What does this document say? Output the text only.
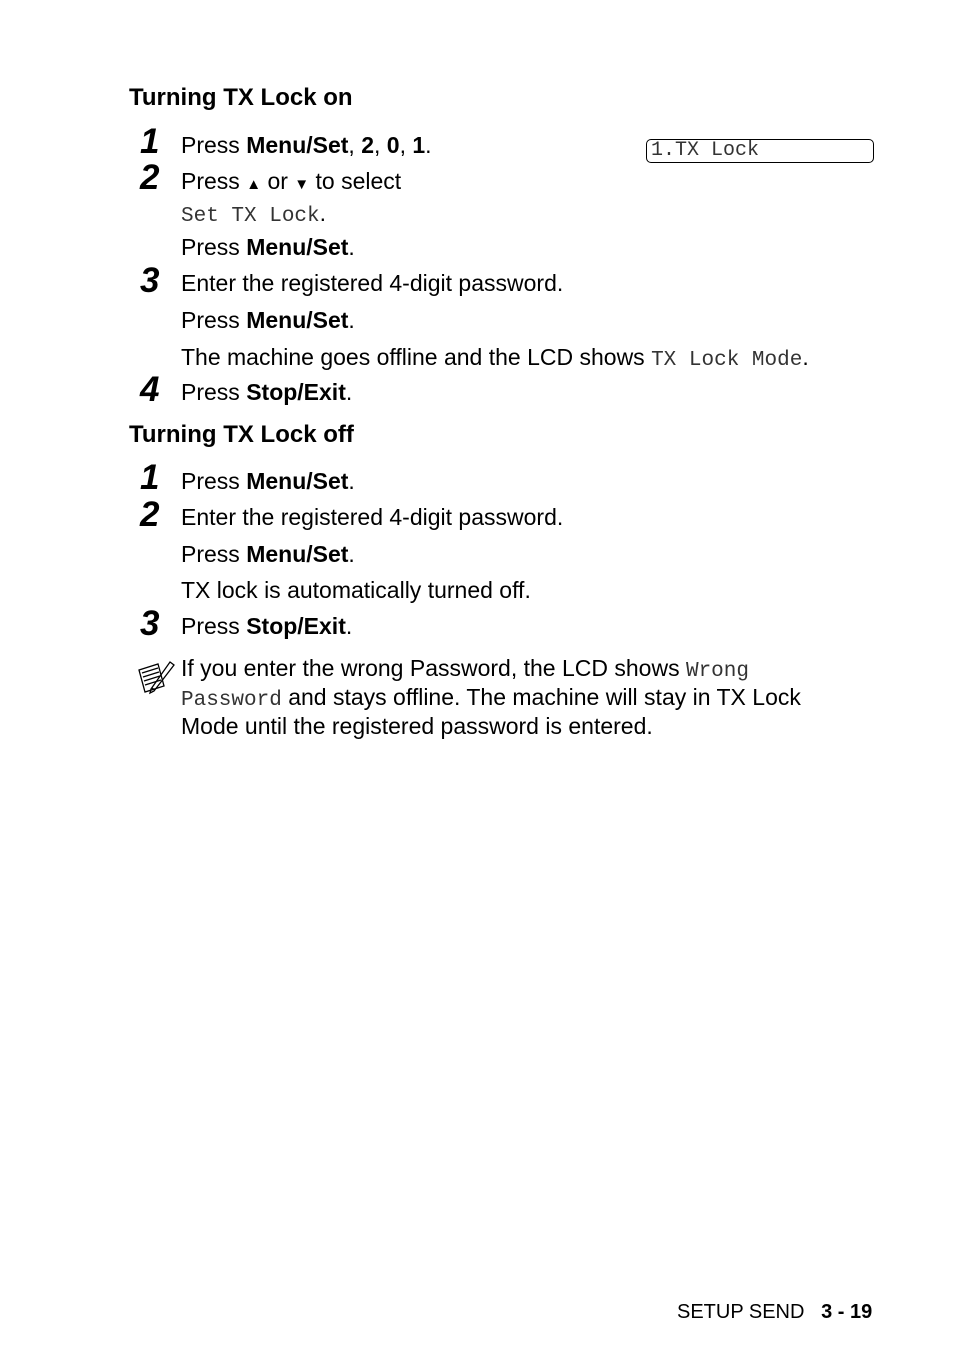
Turning TX Lock on
1.TX Lock
1 Press Menu/Set, 2, 0, 1.
2 Press ▲ or ▼ to select
Set TX Lock.
Press Menu/Set.
3 Enter the registered 4-digit password.
Press Menu/Set.
The machine goes offline and the LCD shows TX Lock Mode.
4 Press Stop/Exit.
Turning TX Lock off
1 Press Menu/Set.
2 Enter the registered 4-digit password.
Press Menu/Set.
TX lock is automatically turned off.
3 Press Stop/Exit.
If you enter the wrong Password, the LCD shows Wrong
Password and stays offline. The machine will stay in TX Lock
Mode until the registered password is entered.
SETUP SEND 3 - 19
